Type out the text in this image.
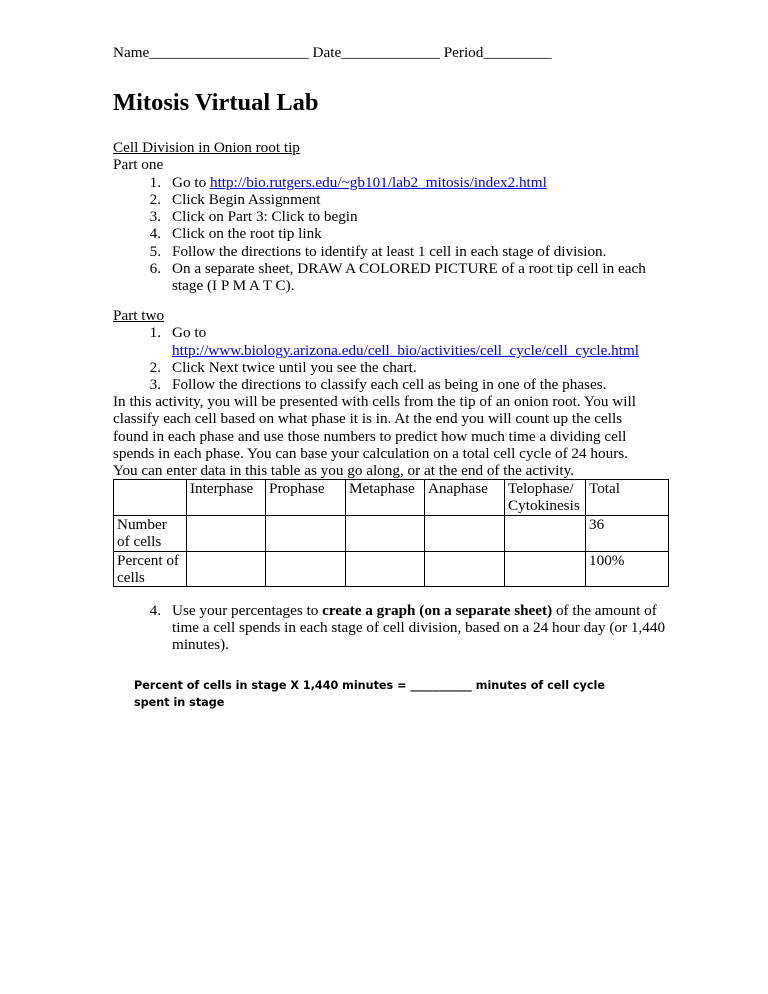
Name_____________________ Date_____________ Period_________
Mitosis Virtual Lab
Cell Division in Onion root tip
Part one
1. Go to http://bio.rutgers.edu/~gb101/lab2_mitosis/index2.html
2. Click Begin Assignment
3. Click on Part 3: Click to begin
4. Click on the root tip link
5. Follow the directions to identify at least 1 cell in each stage of division.
6. On a separate sheet, DRAW A COLORED PICTURE of a root tip cell in each
stage (I P M A T C).
Part two
1. Go to
http://www.biology.arizona.edu/cell_bio/activities/cell_cycle/cell_cycle.html
2. Click Next twice until you see the chart.
3. Follow the directions to classify each cell as being in one of the phases.
In this activity, you will be presented with cells from the tip of an onion root. You will
classify each cell based on what phase it is in. At the end you will count up the cells
found in each phase and use those numbers to predict how much time a dividing cell
spends in each phase. You can base your calculation on a total cell cycle of 24 hours.
You can enter data in this table as you go along, or at the end of the activity.
	Interphase	Prophase	Metaphase	Anaphase	Telophase/ Cytokinesis	Total
Number of cells						36
Percent of cells						100%
4. Use your percentages to create a graph (on a separate sheet) of the amount of
time a cell spends in each stage of cell division, based on a 24 hour day (or 1,440
minutes).
Percent of cells in stage X 1,440 minutes = ___________ minutes of cell cycle
spent in stage
